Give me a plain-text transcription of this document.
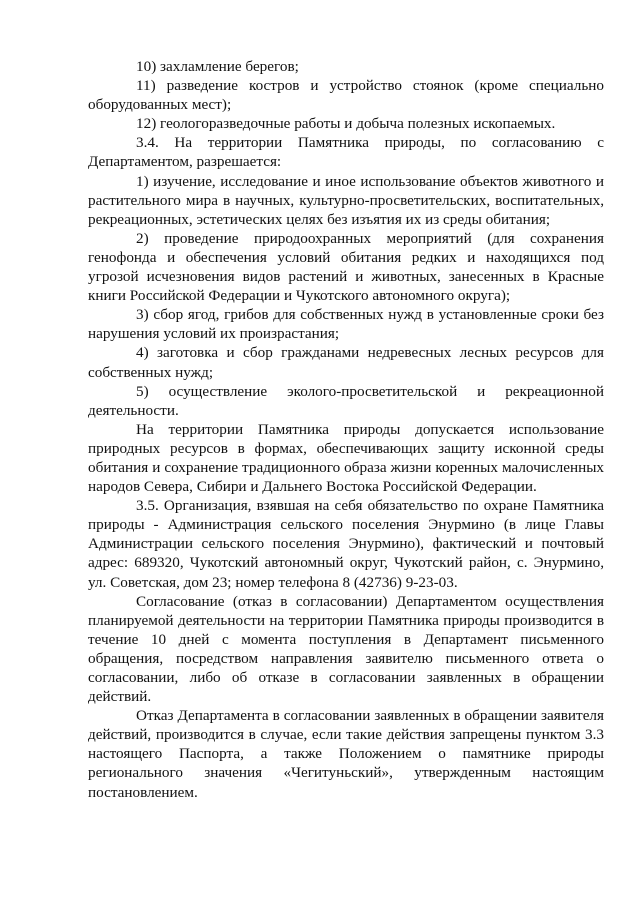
10) захламление берегов;

11) разведение костров и устройство стоянок (кроме специально оборудованных мест);

12) геологоразведочные работы и добыча полезных ископаемых.

3.4. На территории Памятника природы, по согласованию с Департаментом, разрешается:

1) изучение, исследование и иное использование объектов животного и растительного мира в научных, культурно-просветительских, воспитательных, рекреационных, эстетических целях без изъятия их из среды обитания;

2) проведение природоохранных мероприятий (для сохранения генофонда и обеспечения условий обитания редких и находящихся под угрозой исчезновения видов растений и животных, занесенных в Красные книги Российской Федерации и Чукотского автономного округа);

3) сбор ягод, грибов для собственных нужд в установленные сроки без нарушения условий их произрастания;

4) заготовка и сбор гражданами недревесных лесных ресурсов для собственных нужд;

5) осуществление эколого-просветительской и рекреационной деятельности.

На территории Памятника природы допускается использование природных ресурсов в формах, обеспечивающих защиту исконной среды обитания и сохранение традиционного образа жизни коренных малочисленных народов Севера, Сибири и Дальнего Востока Российской Федерации.

3.5. Организация, взявшая на себя обязательство по охране Памятника природы - Администрация сельского поселения Энурмино (в лице Главы Администрации сельского поселения Энурмино), фактический и почтовый адрес: 689320, Чукотский автономный округ, Чукотский район, с. Энурмино, ул. Советская, дом 23; номер телефона 8 (42736) 9-23-03.

Согласование (отказ в согласовании) Департаментом осуществления планируемой деятельности на территории Памятника природы производится в течение 10 дней с момента поступления в Департамент письменного обращения, посредством направления заявителю письменного ответа о согласовании, либо об отказе в согласовании заявленных в обращении действий.

Отказ Департамента в согласовании заявленных в обращении заявителя действий, производится в случае, если такие действия запрещены пунктом 3.3 настоящего Паспорта, а также Положением о памятнике природы регионального значения «Чегитуньский», утвержденным настоящим постановлением.
